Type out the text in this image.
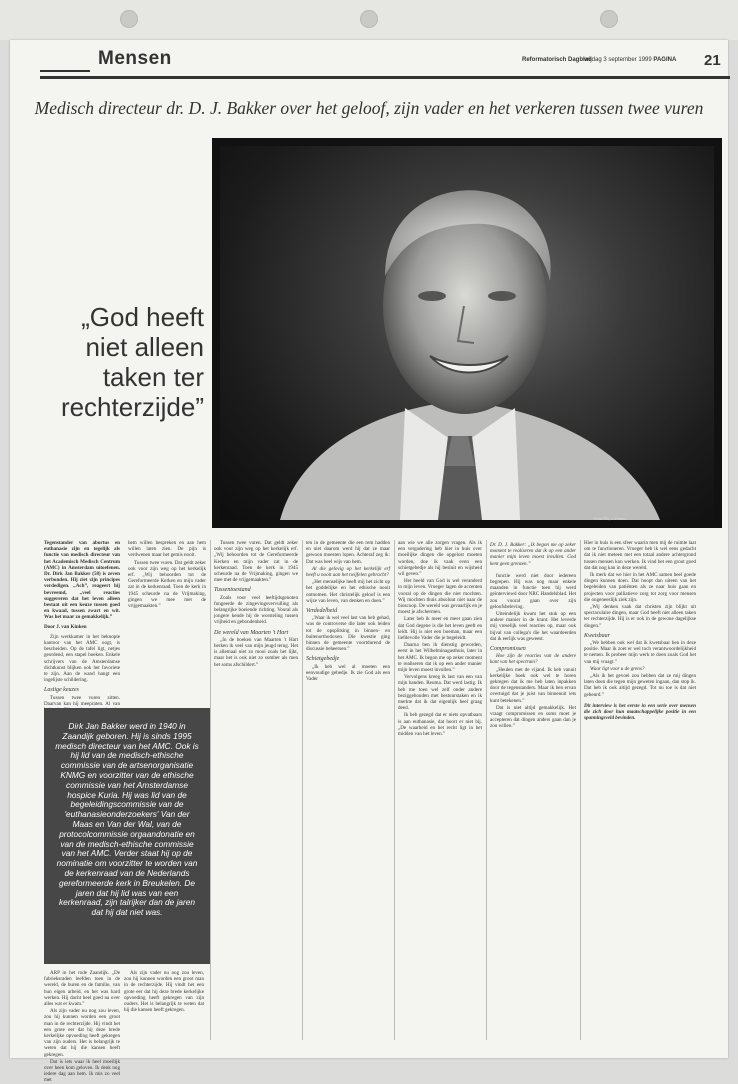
Mensen	Reformatorisch Dagblad
vrijdag 3 september 1999 PAGINA 21
Medisch directeur dr. D. J. Bakker over het geloof, zijn vader en het verkeren tussen twee vuren
„God heeft niet alleen taken ter rechterzijde”
Foto RD, v. Reken

Tegenstander van abortus en euthanasie zijn en tegelijk als functie van medisch directeur van het Academisch Medisch Centrum (AMC) in Amsterdam uitoefenen. Dr. Dirk Jan Bakker (58) is zeven verbonden. Hij ziet zijn principes verdedigen. „Ach”, reageert hij bevreemd, „veel reacties suggereren dat het leven alleen bestaat uit een keuze tussen goed en kwaad, tussen zwart en wit. Was het maar zo gemakkelijk.”

Door J. van Kinken

Zijn werkkamer in het beknopte kantoor van het AMC oogt, is bescheiden. Op de tafel ligt, netjes geordend, een stapel boeken. Enkele schrijvers van de Amsterdamse dichtkunst blijken ook het favoriete te zijn. Aan de wand hangt een ingelijste schildering.

Lastige keuzes

Tussen twee vuren zitten. Daarvan kan hij meepraten. Al van

Dirk Jan Bakker werd in 1940 in Zaandijk geboren. Hij is sinds 1995 medisch directeur van het AMC. Ook is hij lid van de medisch-ethische commissie van de artsenorganisatie KNMG en voorzitter van de ethische commissie van het Amsterdamse hospice Kuria. Hij was lid van de begeleidingscommissie van de 'euthanasieonderzoekers' Van der Maas en Van der Wal, van de protocolcommissie orgaandonatie en van de medisch-ethische commissie van het AMC. Verder staat hij op de nominatie om voorzitter te worden van de kerkenraad van de Nederlands gereformeerde kerk in Breukelen. De jaren dat hij lid was van een kerkenraad, zijn talrijker dan de jaren dat hij dat niet was.

ARP in het rode Zaandijk. „De fabrieksraden leefden toen in de wereld, de buren en de familie, van hun eigen arbeid, en het was hard werken. Hij dacht heel goed na over alles wat er kwam.”

Als zijn vader nu nog zou leven, zou hij kunnen worden een groot man in de rechterzijde. Hij vindt het een grote eer dat hij deze brede kerkelijke opvoeding heeft gekregen van zijn ouders. Het is belangrijk te weten dat hij die kansen heeft gekregen.

Dat is iets waar ik heel moeilijk over heen kom geloven. Ik denk nog iedere dag aan hem. Ik mis zo veel met

Als zijn vader nu nog zou leven, zou hij kunnen worden een groot man in de rechterzijde. Hij vindt het een grote eer dat hij deze brede kerkelijke opvoeding heeft gekregen van zijn ouders. Het is belangrijk te weten dat hij die kansen heeft gekregen.

hem willen bespreken en aan hem willen laten zien. De pijn is verdwenen maar het gemis nooit.

Tussen twee vuren. Dat geldt zeker ook voor zijn weg op het kerkelijk erf. „Wij behoorden tot de Gereformeerde Kerken en mijn vader zat in de kerkenraad. Toen de kerk in 1945 scheurde na de Vrijmaking, gingen we mee met de vrijgemaakten.”

Tussen twee vuren. Dat geldt zeker ook voor zijn weg op het kerkelijk erf. „Wij behoorden tot de Gereformeerde Kerken en mijn vader zat in de kerkenraad. Toen de kerk in 1945 scheurde na de Vrijmaking, gingen we mee met de vrijgemaakten.”

Tussentoestand

Zoals voor veel leeftijdsgenoten fungeerde de zingevingsvervulling als belangrijke boeiende richting. Vooral als jongere kende hij de worsteling tussen vrijheid en gebondenheid.

De wereld van Maarten 't Hart

„In de boeken van Maarten 't Hart herken ik veel van mijn jeugd terug. Het is allemaal niet zo mooi zoals het lijkt, maar het is ook niet zo somber als men het soms afschildert.”

ten in de gemeente die een rem hadden en niet daarom werd hij dat ze maar gewoon moesten lopen. Achteraf zeg ik: Dat was heel wijs van hem.

Al die gelovig op het kerkelijk erf heeft u nooit aan het twijfelen gebracht?

„Het menselijke heeft mij het zicht op het goddelijke en het ethische nooit ontnomen. Het christelijk geloof is een wijze van leven, van denken en doen.”

Verdedelheid

„Waar ik wel veel last van heb gehad, was de controverse die later ook leiden tot de opsplitsing in binnen- en buitenorthodoxen. Die kwestie ging binnen de gemeente voortdurend de discussie beheersen.”

Schietgebedje

„Ik heb wel al moeten een eenvoudige gebedje. Ik zie God als een Vader

aan wie we alle zorgen vragen. Als ik een vergadering heb hier in huis over moeilijke dingen die opgelost moeten worden, doe ik vaak even een schietgebedje als hij besluit en wijsheid wil geven.”

Het beeld van God is wel veranderd in mijn leven. Vroeger lagen de accenten vooral op de dingen die niet mochten. Wij mochten thuis absoluut niet naar de bioscoop. De wereld was gevaarlijk en je moest je afschermen.

Later heb ik meer en meer gaan zien dat God degene is die het leven geeft en leidt. Hij is niet een boeman, maar een liefdevolle Vader die je begeleidt.

Daarna ben ik dienstig geworden, eerst in het Wilhelminagasthuis, later in het AMC. Ik begon me op zeker moment te realiseren dat ik op een ander manier mijn leven moest invullen.”

Vervolgens kreeg ik last van een van mijn handen. Reuma. Dat werd lastig. Ik heb me toen wel zelf onder andere beziggehouden met bestuurstaken en ik merkte dat ik dat eigenlijk heel graag deed.

Ik heb gezegd dat er niets opvatbaars is aan euthanasie, dat hoort er niet bij. „De waarheid en het recht ligt in het midden van het leven.”

Dr. D. J. Bakker: „Ik begon me op zeker moment te realiseren dat ik op een ander manier mijn leven moest invullen. God kent geen grenzen.”

functie werd niet door iedereen begrepen. Hij was nog maar enkele maanden in functie toen hij werd geïnterviewd door NRC Handelsblad. Het zou vooral gaan over zijn geloofsbeleving.

Uiteindelijk kwam het stuk op een andere manier in de krant. Het leverde mij vreselijk veel reacties op, maar ook bijval van collega's die het waardeerden dat ik eerlijk was geweest.

Compromissen

Hoe zijn de reacties van de andere kant van het spectrum?

„Heulen met de vijand. Ik heb vanuit kerkelijke hoek ook wel te horen gekregen dat ik me heb laten inpakken door de tegenstanders. Maar ik ben ervan overtuigd dat je juist van binnenuit iets kunt betekenen.”

Dat is niet altijd gemakkelijk. Het vraagt compromissen en soms moet je accepteren dat dingen anders gaan dan je zou willen.”

Hier in huis is een sfeer waarin men mij de ruimte laat om te functioneren. Vroeger heb ik wel eens gedacht dat ik niet meteen met een totaal andere achtergrond tussen mensen kon werken. Ik vind het een groot goed dat dat nog kan in deze wereld.

Ik merk dat we hier in het AMC samen heel goede dingen kunnen doen. Dat hoopt dan uiteen van het begeleiden van patiënten als ze naar huis gaan en projecten voor palliatieve zorg tot zorg voor mensen die ongeneeslijk ziek zijn.

„Wij denken vaak dat christen zijn blijkt uit spectaculaire dingen, maar God heeft niet alleen taken ter rechterzijde. Hij is er ook in de gewone dagelijkse dingen.”

Kwetsbaar

„We hebben ook wel dat ik kwetsbaar ben in deze positie. Maar ik zoet er wel toch verantwoordelijkheid te nemen. Ik probeer mijn werk te doen zoals God het van mij vraagt.”

Waar ligt voor u de grens?

„Als ik het gevoel zou hebben dat ze mij dingen laten doen die tegen mijn geweten ingaan, dan stop ik. Dat heb ik ook altijd gezegd. Tot nu toe is dat niet gebeurd.”

Dit interview is het eerste in een serie over mensen die zich door hun maatschappelijke positie in een spanningsveld bevinden.
